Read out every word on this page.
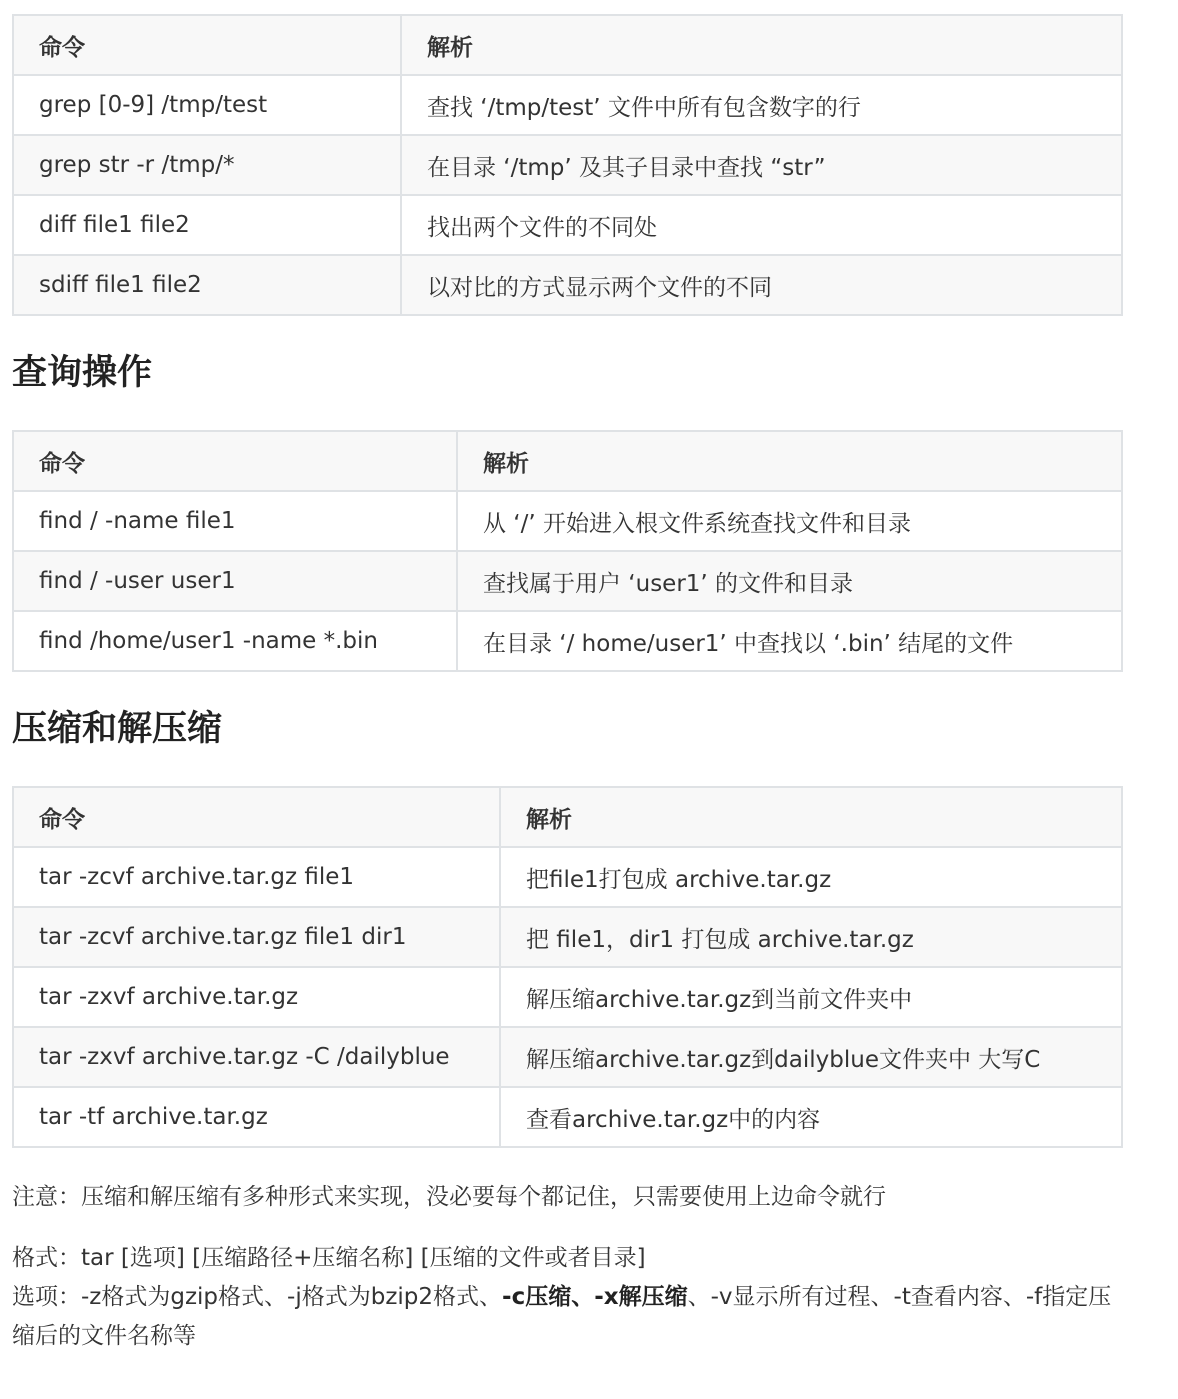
命令	解析
grep [0-9] /tmp/test	查找 ‘/tmp/test’ 文件中所有包含数字的行
grep str -r /tmp/*	在目录 ‘/tmp’ 及其子目录中查找 “str”
diff file1 file2	找出两个文件的不同处
sdiff file1 file2	以对比的方式显示两个文件的不同
查询操作
命令	解析
find / -name file1	从 ‘/’ 开始进入根文件系统查找文件和目录
find / -user user1	查找属于用户 ‘user1’ 的文件和目录
find /home/user1 -name *.bin	在目录 ‘/ home/user1’ 中查找以 ‘.bin’ 结尾的文件
压缩和解压缩
命令	解析
tar -zcvf archive.tar.gz file1	把file1打包成 archive.tar.gz
tar -zcvf archive.tar.gz file1 dir1	把 file1，dir1 打包成 archive.tar.gz
tar -zxvf archive.tar.gz	解压缩archive.tar.gz到当前文件夹中
tar -zxvf archive.tar.gz -C /dailyblue	解压缩archive.tar.gz到dailyblue文件夹中 大写C
tar -tf archive.tar.gz	查看archive.tar.gz中的内容

注意：压缩和解压缩有多种形式来实现，没必要每个都记住，只需要使用上边命令就行

格式：tar [选项] [压缩路径+压缩名称] [压缩的文件或者目录]

选项：-z格式为gzip格式、-j格式为bzip2格式、-c压缩、-x解压缩、-v显示所有过程、-t查看内容、-f指定压缩后的文件名称等
